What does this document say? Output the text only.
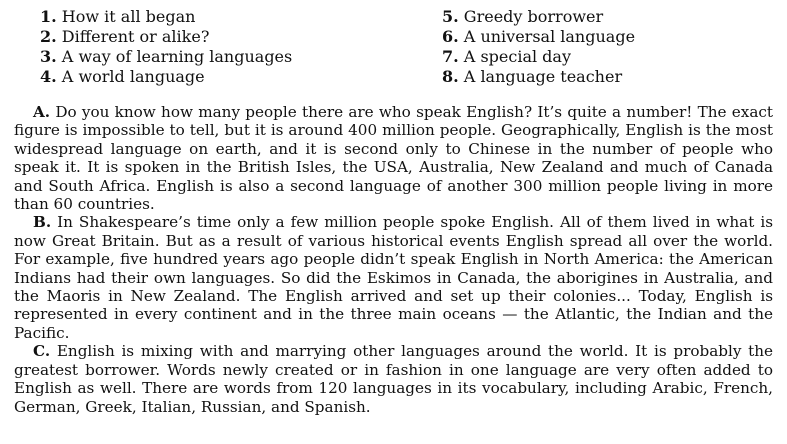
1. How it all began
2. Different or alike?
3. A way of learning languages
4. A world language
5. Greedy borrower
6. A universal language
7. A special day
8. A language teacher

A. Do you know how many people there are who speak English? It’s quite a number! The exact figure is impossible to tell, but it is around 400 million people. Geographically, English is the most widespread language on earth, and it is second only to Chinese in the number of people who speak it. It is spoken in the British Isles, the USA, Australia, New Zealand and much of Canada and South Africa. English is also a second language of another 300 million people living in more than 60 countries.

B. In Shakespeare’s time only a few million people spoke English. All of them lived in what is now Great Britain. But as a result of various historical events English spread all over the world. For example, five hundred years ago people didn’t speak English in North America: the American Indians had their own languages. So did the Eskimos in Canada, the aborigines in Australia, and the Maoris in New Zealand. The English arrived and set up their colonies... Today, English is represented in every continent and in the three main oceans — the Atlantic, the Indian and the Pacific.

C. English is mixing with and marrying other languages around the world. It is probably the greatest borrower. Words newly created or in fashion in one language are very often added to English as well. There are words from 120 languages in its vocabulary, including Arabic, French, German, Greek, Italian, Russian, and Spanish.
